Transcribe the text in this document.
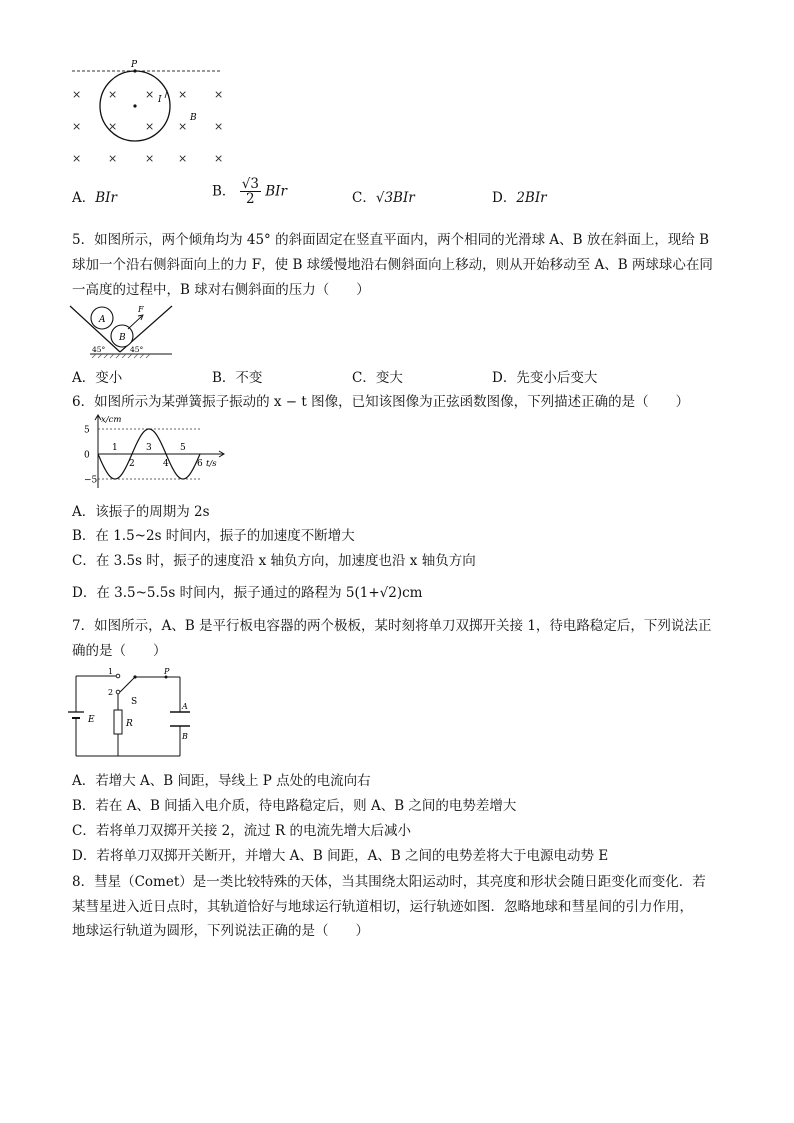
P
I
B
× ×	× × ×
× ×	× × ×
× ×	× × ×
A．BIr	B． $\frac{√3}{2}$ BIr	C．√3BIr	D．2BIr
5．如图所示，两个倾角均为 45° 的斜面固定在竖直平面内，两个相同的光滑球 A、B 放在斜面上，现给 B
球加一个沿右侧斜面向上的力 F，使 B 球缓慢地沿右侧斜面向上移动，则从开始移动至 A、B 两球球心在同
一高度的过程中，B 球对右侧斜面的压力（　　）
A
B
F
45°	45°
A．变小	B．不变	C．变大	D．先变小后变大
6．如图所示为某弹簧振子振动的 x − t 图像，已知该图像为正弦函数图像，下列描述正确的是（　　）
5
0
−5
1
2
3
4
5
6
x/cm
t/s
A．该振子的周期为 2s
B．在 1.5~2s 时间内，振子的加速度不断增大
C．在 3.5s 时，振子的速度沿 x 轴负方向，加速度也沿 x 轴负方向
D．在 3.5~5.5s 时间内，振子通过的路程为 5(1+√2)cm
7．如图所示，A、B 是平行板电容器的两个极板，某时刻将单刀双掷开关接 1，待电路稳定后，下列说法正
确的是（　　）
E
1
2
S
P
A
B
R
A．若增大 A、B 间距，导线上 P 点处的电流向右
B．若在 A、B 间插入电介质，待电路稳定后，则 A、B 之间的电势差增大
C．若将单刀双掷开关接 2，流过 R 的电流先增大后减小
D．若将单刀双掷开关断开，并增大 A、B 间距，A、B 之间的电势差将大于电源电动势 E
8．彗星（Comet）是一类比较特殊的天体，当其围绕太阳运动时，其亮度和形状会随日距变化而变化．若
某彗星进入近日点时，其轨道恰好与地球运行轨道相切，运行轨迹如图．忽略地球和彗星间的引力作用，
地球运行轨道为圆形，下列说法正确的是（　　）
